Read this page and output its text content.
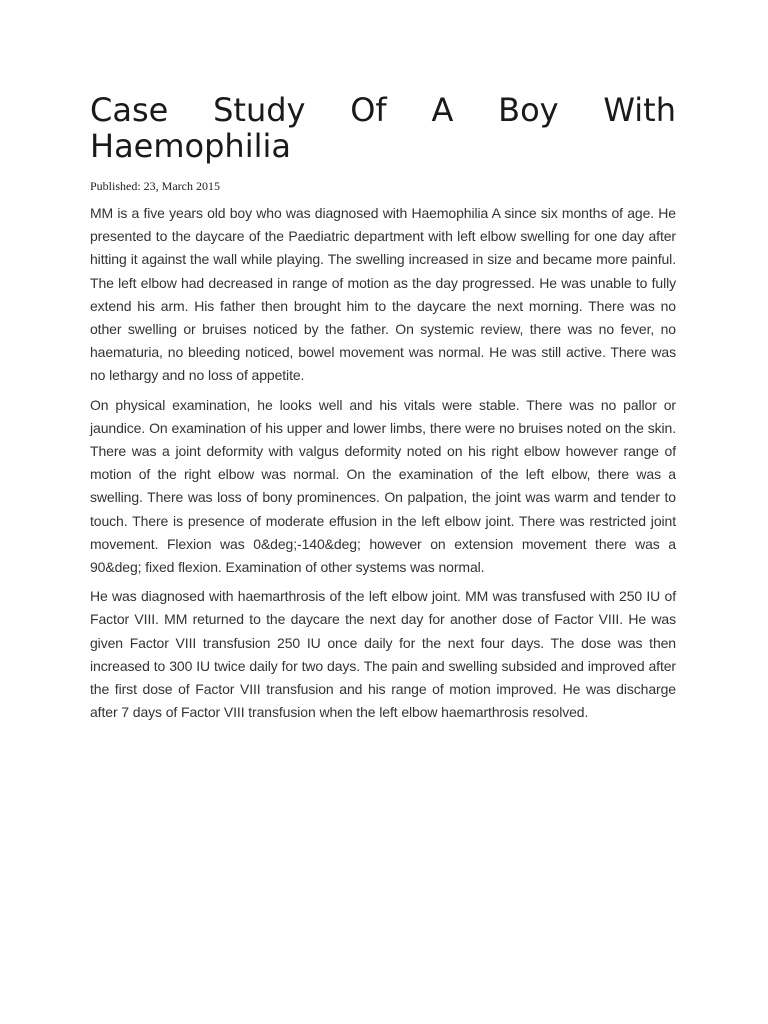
Case Study Of A Boy With
Haemophilia

Published: 23, March 2015

MM is a five years old boy who was diagnosed with Haemophilia A since six months of age. He presented to the daycare of the Paediatric department with left elbow swelling for one day after hitting it against the wall while playing. The swelling increased in size and became more painful. The left elbow had decreased in range of motion as the day progressed. He was unable to fully extend his arm. His father then brought him to the daycare the next morning. There was no other swelling or bruises noticed by the father. On systemic review, there was no fever, no haematuria, no bleeding noticed, bowel movement was normal. He was still active. There was no lethargy and no loss of appetite.

On physical examination, he looks well and his vitals were stable. There was no pallor or jaundice. On examination of his upper and lower limbs, there were no bruises noted on the skin. There was a joint deformity with valgus deformity noted on his right elbow however range of motion of the right elbow was normal. On the examination of the left elbow, there was a swelling. There was loss of bony prominences. On palpation, the joint was warm and tender to touch. There is presence of moderate effusion in the left elbow joint. There was restricted joint movement. Flexion was 0&deg;-140&deg; however on extension movement there was a 90&deg; fixed flexion. Examination of other systems was normal.

He was diagnosed with haemarthrosis of the left elbow joint. MM was transfused with 250 IU of Factor VIII. MM returned to the daycare the next day for another dose of Factor VIII. He was given Factor VIII transfusion 250 IU once daily for the next four days. The dose was then increased to 300 IU twice daily for two days. The pain and swelling subsided and improved after the first dose of Factor VIII transfusion and his range of motion improved. He was discharge after 7 days of Factor VIII transfusion when the left elbow haemarthrosis resolved.
